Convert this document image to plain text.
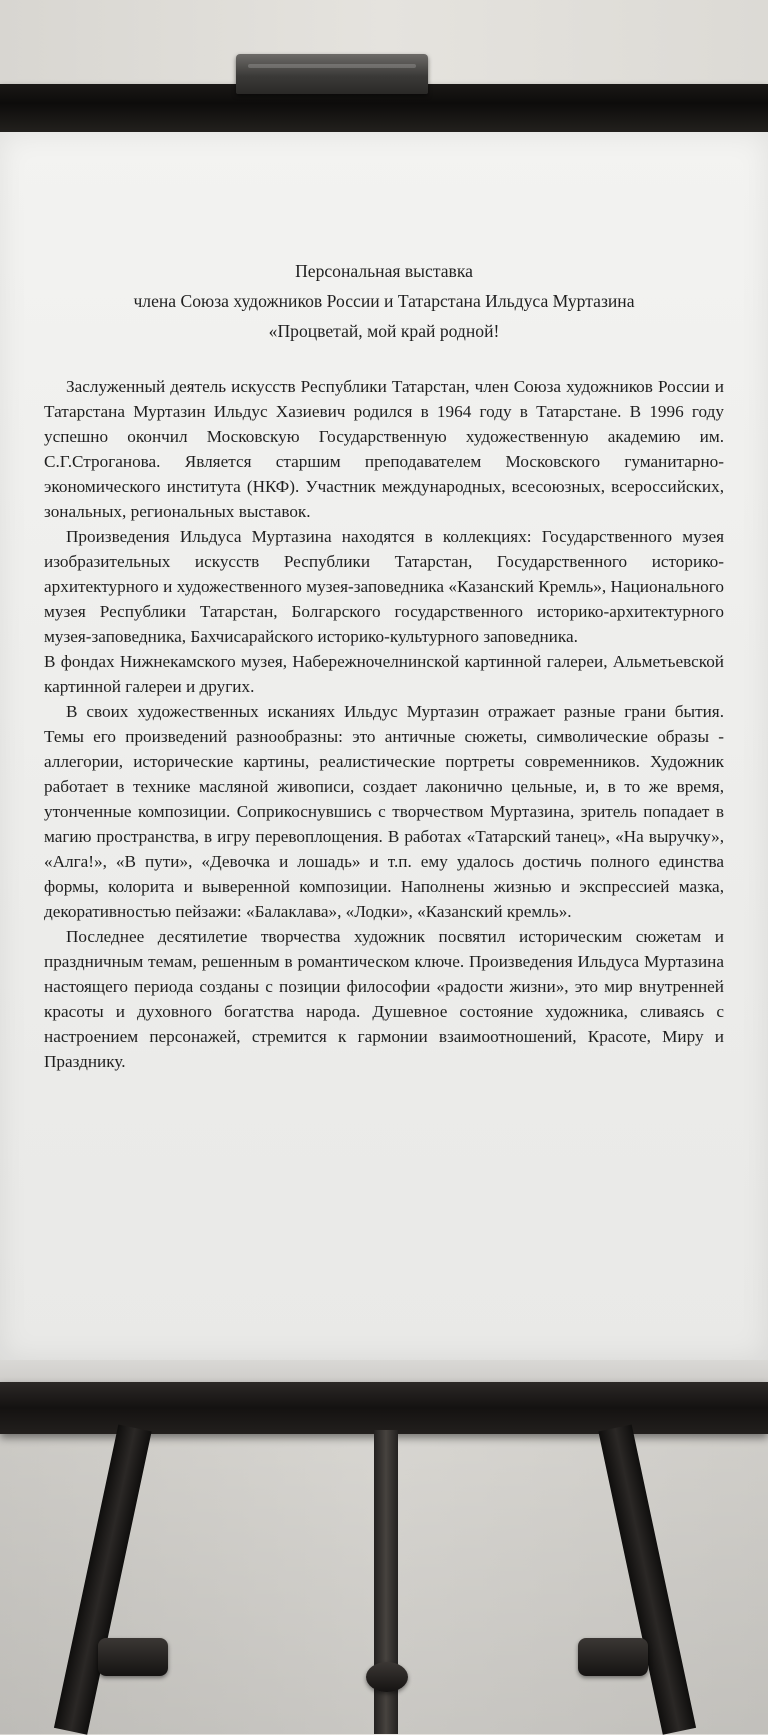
Персональная выставка
члена Союза художников России и Татарстана Ильдуса Муртазина
«Процветай, мой край родной!

Заслуженный деятель искусств Республики Татарстан, член Союза художников России и Татарстана Муртазин Ильдус Хазиевич родился в 1964 году в Татарстане. В 1996 году успешно окончил Московскую Государственную художественную академию им. С.Г.Строганова. Является старшим преподавателем Московского гуманитарно-экономического института (НКФ). Участник международных, всесоюзных, всероссийских, зональных, региональных выставок.

Произведения Ильдуса Муртазина находятся в коллекциях: Государственного музея изобразительных искусств Республики Татарстан, Государственного историко-архитектурного и художественного музея-заповедника «Казанский Кремль», Национального музея Республики Татарстан, Болгарского государственного историко-архитектурного музея-заповедника, Бахчисарайского историко-культурного заповедника.

В фондах Нижнекамского музея, Набережночелнинской картинной галереи, Альметьевской картинной галереи и других.

В своих художественных исканиях Ильдус Муртазин отражает разные грани бытия. Темы его произведений разнообразны: это античные сюжеты, символические образы - аллегории, исторические картины, реалистические портреты современников. Художник работает в технике масляной живописи, создает лаконично цельные, и, в то же время, утонченные композиции. Соприкоснувшись с творчеством Муртазина, зритель попадает в магию пространства, в игру перевоплощения. В работах «Татарский танец», «На выручку», «Алга!», «В пути», «Девочка и лошадь» и т.п. ему удалось достичь полного единства формы, колорита и выверенной композиции. Наполнены жизнью и экспрессией мазка, декоративностью пейзажи: «Балаклава», «Лодки», «Казанский кремль».

Последнее десятилетие творчества художник посвятил историческим сюжетам и праздничным темам, решенным в романтическом ключе. Произведения Ильдуса Муртазина настоящего периода созданы с позиции философии «радости жизни», это мир внутренней красоты и духовного богатства народа. Душевное состояние художника, сливаясь с настроением персонажей, стремится к гармонии взаимоотношений, Красоте, Миру и Празднику.
